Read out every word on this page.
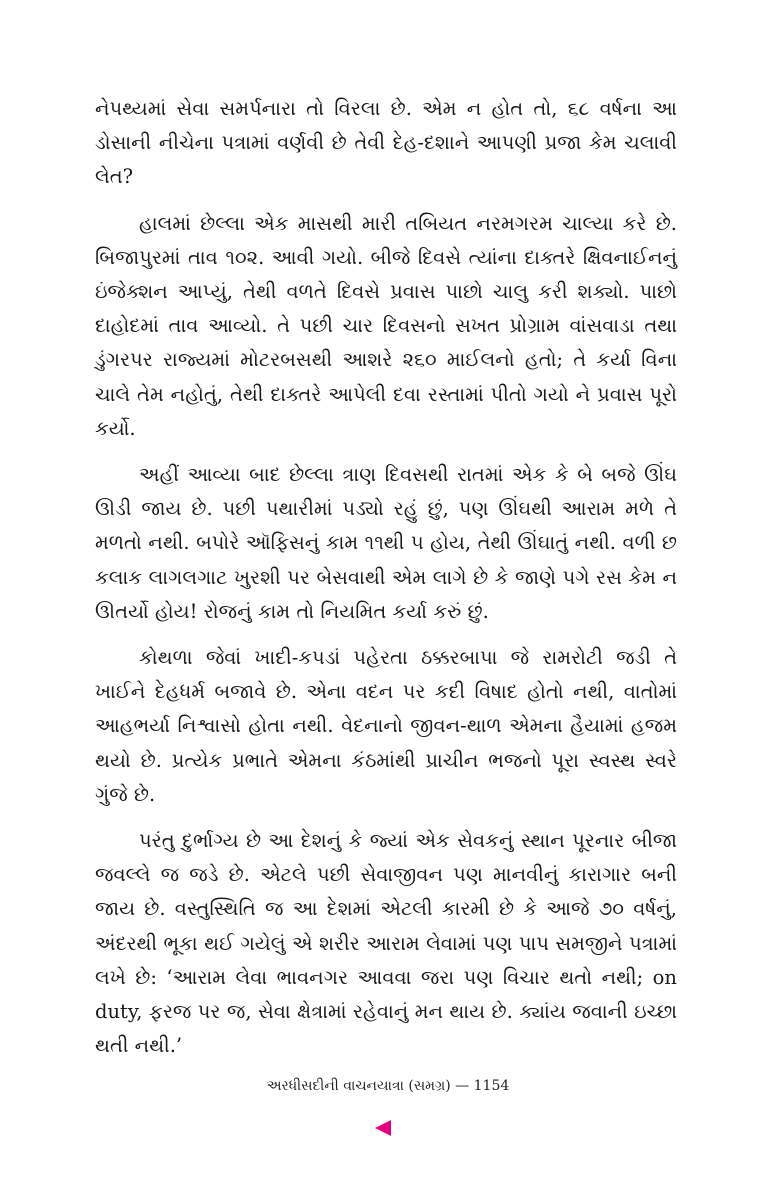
નેપથ્યમાં સેવા સમર્પનારા તો વિરલા છે. એમ ન હોત તો, ૬૮ વર્ષના આ ડોસાની નીચેના પત્રામાં વર્ણવી છે તેવી દેહ-દશાને આપણી પ્રજા કેમ ચલાવી લેત?

હાલમાં છેલ્લા એક માસથી મારી તબિયત નરમગરમ ચાલ્યા કરે છે. બિજાપુરમાં તાવ ૧૦૨. આવી ગયો. બીજે દિવસે ત્યાંના દાક્તરે ક્ષિવનાઈનનું ઇંજેક્શન આપ્યું, તેથી વળતે દિવસે પ્રવાસ પાછો ચાલુ કરી શક્યો. પાછો દાહોદમાં તાવ આવ્યો. તે પછી ચાર દિવસનો સખત પ્રોગ્રામ વાંસવાડા તથા ડુંગરપર રાજ્યમાં મોટરબસથી આશરે ૨૬૦ માઈલનો હતો; તે કર્યા વિના ચાલે તેમ નહોતું, તેથી દાક્તરે આપેલી દવા રસ્તામાં પીતો ગયો ને પ્રવાસ પૂરો કર્યો.

અહીં આવ્યા બાદ છેલ્લા ત્રાણ દિવસથી રાતમાં એક કે બે બજે ઊંઘ ઊડી જાય છે. પછી પથારીમાં પડ્યો રહું છું, પણ ઊંઘથી આરામ મળે તે મળતો નથી. બપોરે ઑફિસનું કામ ૧૧થી ૫ હોય, તેથી ઊંઘાતું નથી. વળી છ કલાક લાગલગાટ ખુરશી પર બેસવાથી એમ લાગે છે કે જાણે પગે રસ કેમ ન ઊતર્યો હોય! રોજનું કામ તો નિયમિત કર્યા કરું છું.

કોથળા જેવાં ખાદી-કપડાં પહેરતા ઠક્કરબાપા જે રામરોટી જડી તે ખાઈને દેહધર્મ બજાવે છે. એના વદન પર કદી વિષાદ હોતો નથી, વાતોમાં આહભર્યા નિશ્વાસો હોતા નથી. વેદનાનો જીવન-થાળ એમના હૈયામાં હજમ થયો છે. પ્રત્યેક પ્રભાતે એમના કંઠમાંથી પ્રાચીન ભજનો પૂરા સ્વસ્થ સ્વરે ગુંજે છે.

પરંતુ દુર્ભાગ્ય છે આ દેશનું કે જ્યાં એક સેવકનું સ્થાન પૂરનાર બીજા જવલ્લે જ જડે છે. એટલે પછી સેવાજીવન પણ માનવીનું કારાગાર બની જાય છે. વસ્તુસ્થિતિ જ આ દેશમાં એટલી કારમી છે કે આજે ૭૦ વર્ષનું, અંદરથી ભૂકા થઈ ગયેલું એ શરીર આરામ લેવામાં પણ પાપ સમજીને પત્રામાં લખે છે: ‘આરામ લેવા ભાવનગર આવવા જરા પણ વિચાર થતો નથી; on duty, ફરજ પર જ, સેવા ક્ષેત્રામાં રહેવાનું મન થાય છે. ક્યાંય જવાની ઇચ્છા થતી નથી.’

અરધીસદીની વાચનયાત્રા (સમગ્ર) — 1154
